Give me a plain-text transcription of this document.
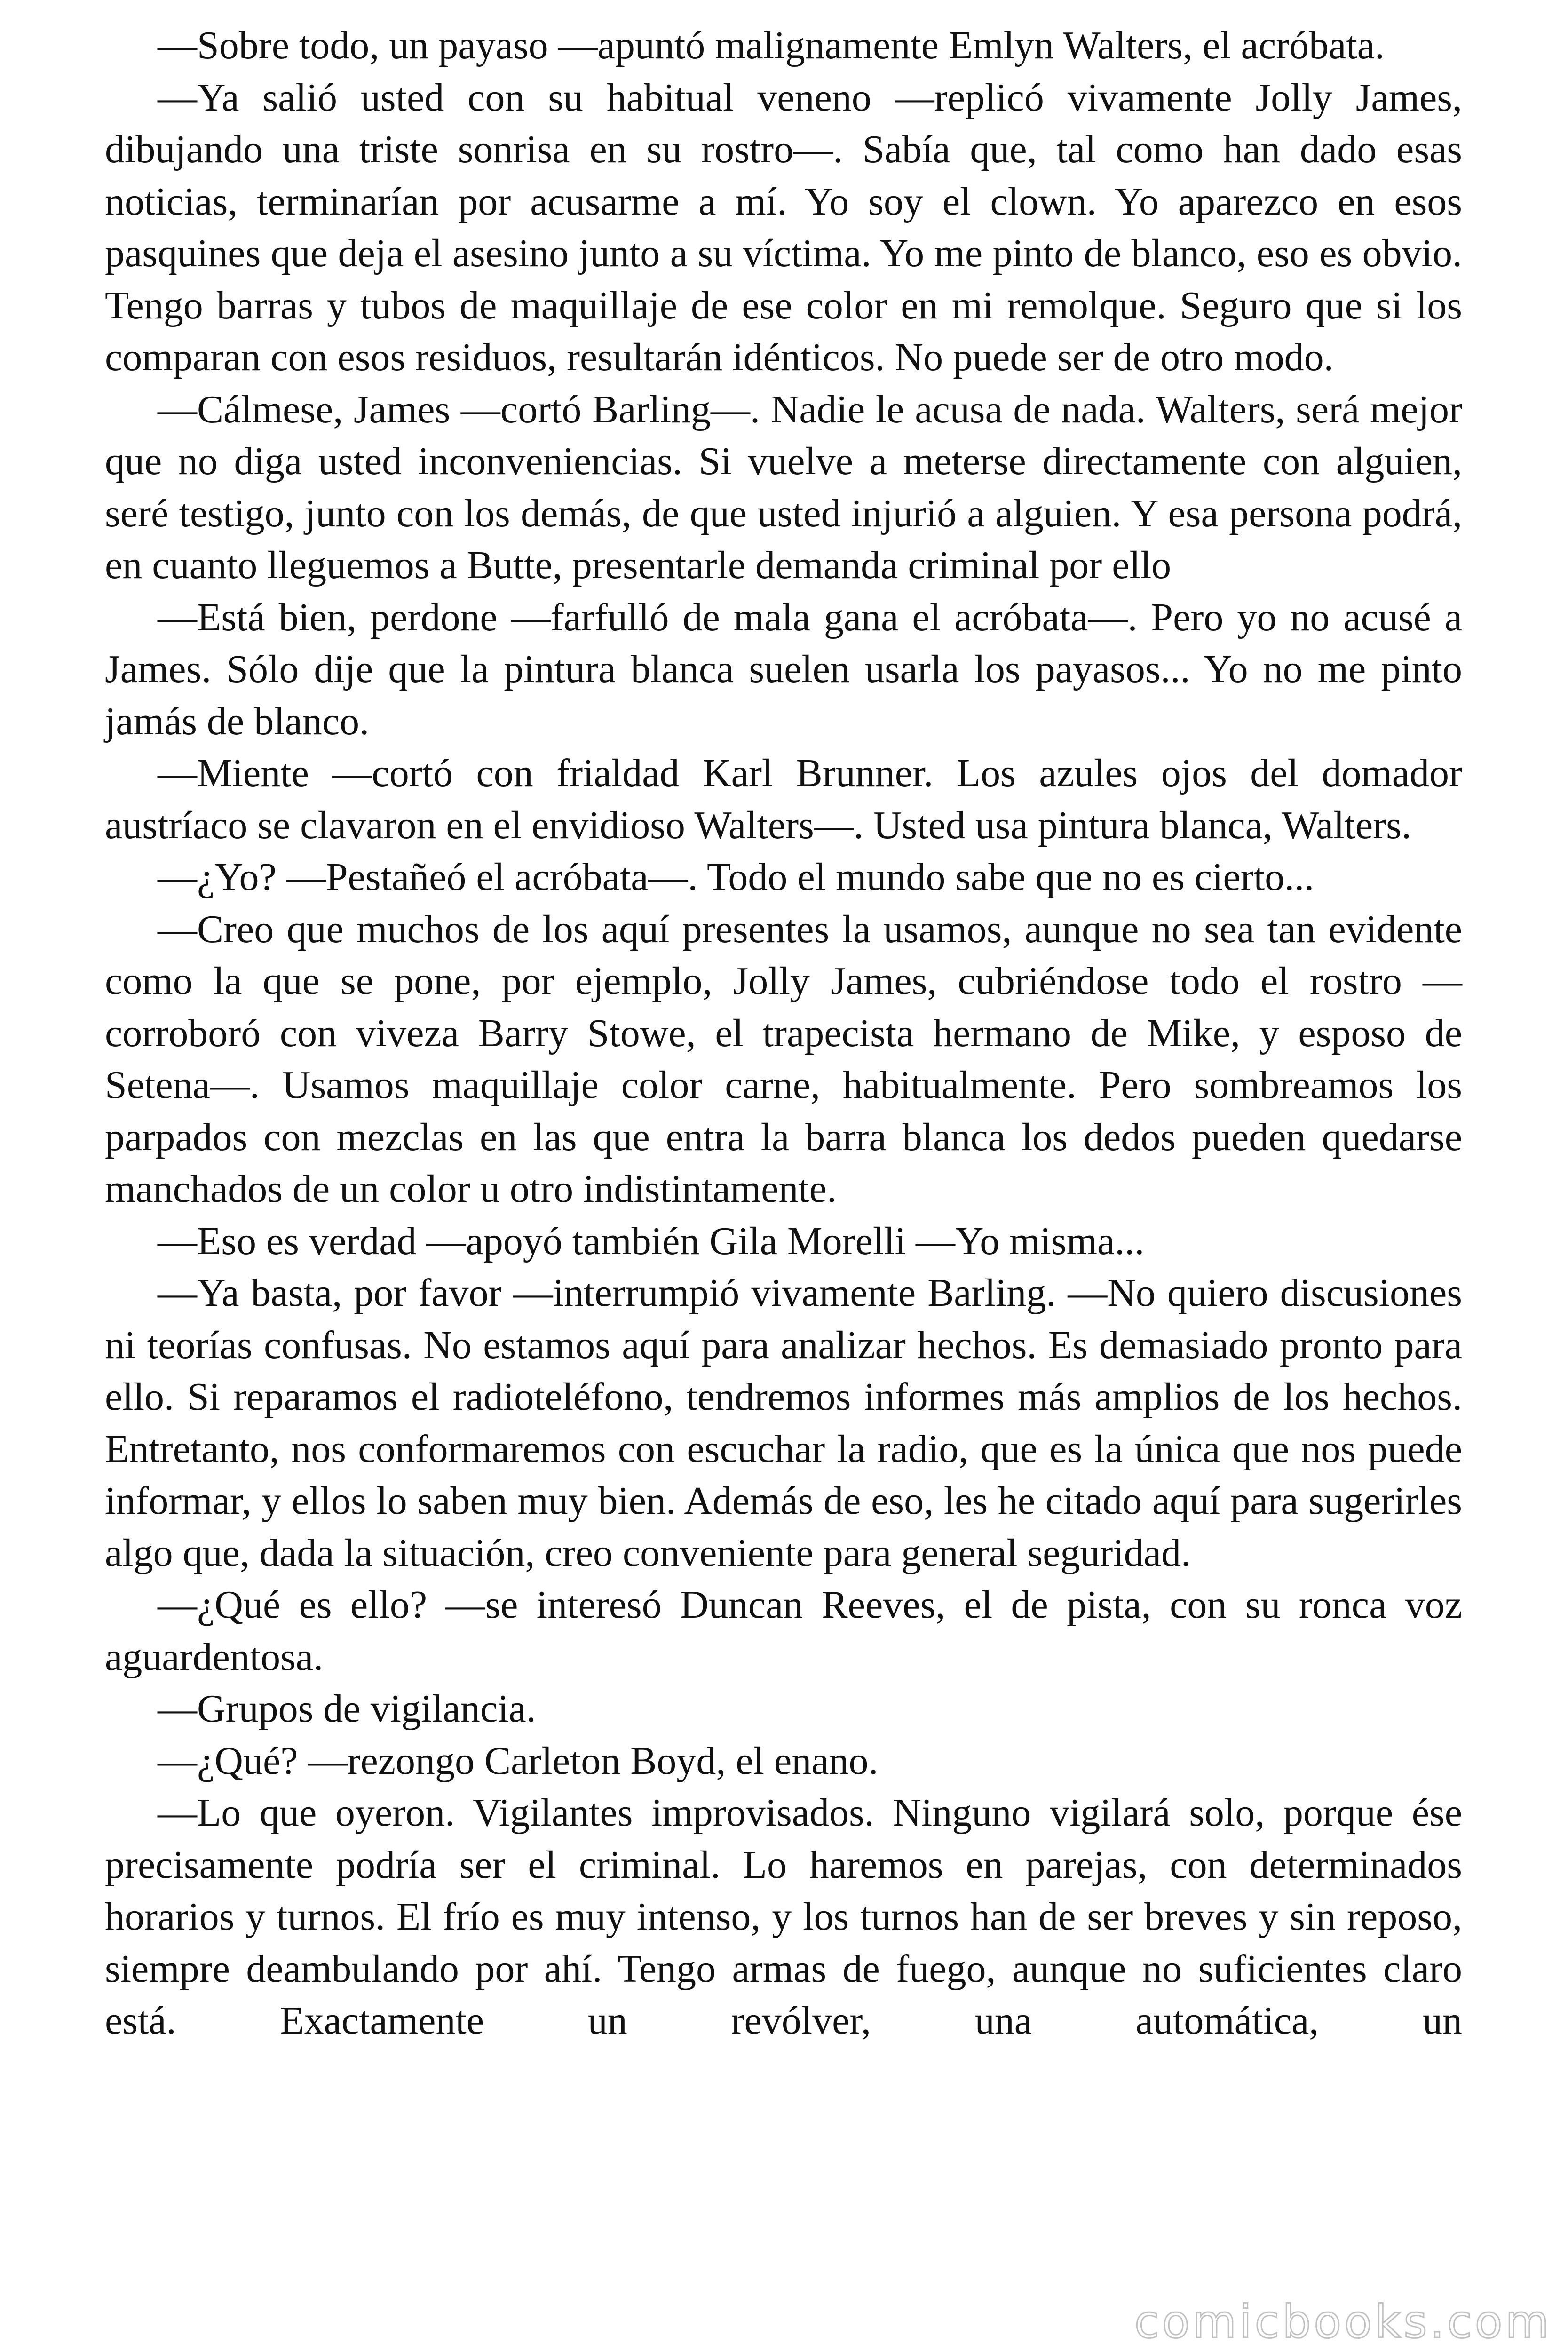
—Sobre todo, un payaso —apuntó malignamente Emlyn Walters, el acróbata.

—Ya salió usted con su habitual veneno —replicó vivamente Jolly James, dibujando una triste sonrisa en su rostro—. Sabía que, tal como han dado esas noticias, terminarían por acusarme a mí. Yo soy el clown. Yo aparezco en esos pasquines que deja el asesino junto a su víctima. Yo me pinto de blanco, eso es obvio. Tengo barras y tubos de maquillaje de ese color en mi remolque. Seguro que si los comparan con esos residuos, resultarán idénticos. No puede ser de otro modo.

—Cálmese, James —cortó Barling—. Nadie le acusa de nada. Walters, será mejor que no diga usted inconveniencias. Si vuelve a meterse directamente con alguien, seré testigo, junto con los demás, de que usted injurió a alguien. Y esa persona podrá, en cuanto lleguemos a Butte, presentarle demanda criminal por ello

—Está bien, perdone —farfulló de mala gana el acróbata—. Pero yo no acusé a James. Sólo dije que la pintura blanca suelen usarla los payasos... Yo no me pinto jamás de blanco.

—Miente —cortó con frialdad Karl Brunner. Los azules ojos del domador austríaco se clavaron en el envidioso Walters—. Usted usa pintura blanca, Walters.

—¿Yo? —Pestañeó el acróbata—. Todo el mundo sabe que no es cierto...

—Creo que muchos de los aquí presentes la usamos, aunque no sea tan evidente como la que se pone, por ejemplo, Jolly James, cubriéndose todo el rostro —corroboró con viveza Barry Stowe, el trapecista hermano de Mike, y esposo de Setena—. Usamos maquillaje color carne, habitualmente. Pero sombreamos los parpados con mezclas en las que entra la barra blanca los dedos pueden quedarse manchados de un color u otro indistintamente.

—Eso es verdad —apoyó también Gila Morelli —Yo misma...

—Ya basta, por favor —interrumpió vivamente Barling. —No quiero discusiones ni teorías confusas. No estamos aquí para analizar hechos. Es demasiado pronto para ello. Si reparamos el radioteléfono, tendremos informes más amplios de los hechos. Entretanto, nos conformaremos con escuchar la radio, que es la única que nos puede informar, y ellos lo saben muy bien. Además de eso, les he citado aquí para sugerirles algo que, dada la situación, creo conveniente para general seguridad.

—¿Qué es ello? —se interesó Duncan Reeves, el de pista, con su ronca voz aguardentosa.

—Grupos de vigilancia.

—¿Qué? —rezongo Carleton Boyd, el enano.

—Lo que oyeron. Vigilantes improvisados. Ninguno vigilará solo, porque ése precisamente podría ser el criminal. Lo haremos en parejas, con determinados horarios y turnos. El frío es muy intenso, y los turnos han de ser breves y sin reposo, siempre deambulando por ahí. Tengo armas de fuego, aunque no suficientes claro está. Exactamente un revólver, una automática, un

comicbooks.com
